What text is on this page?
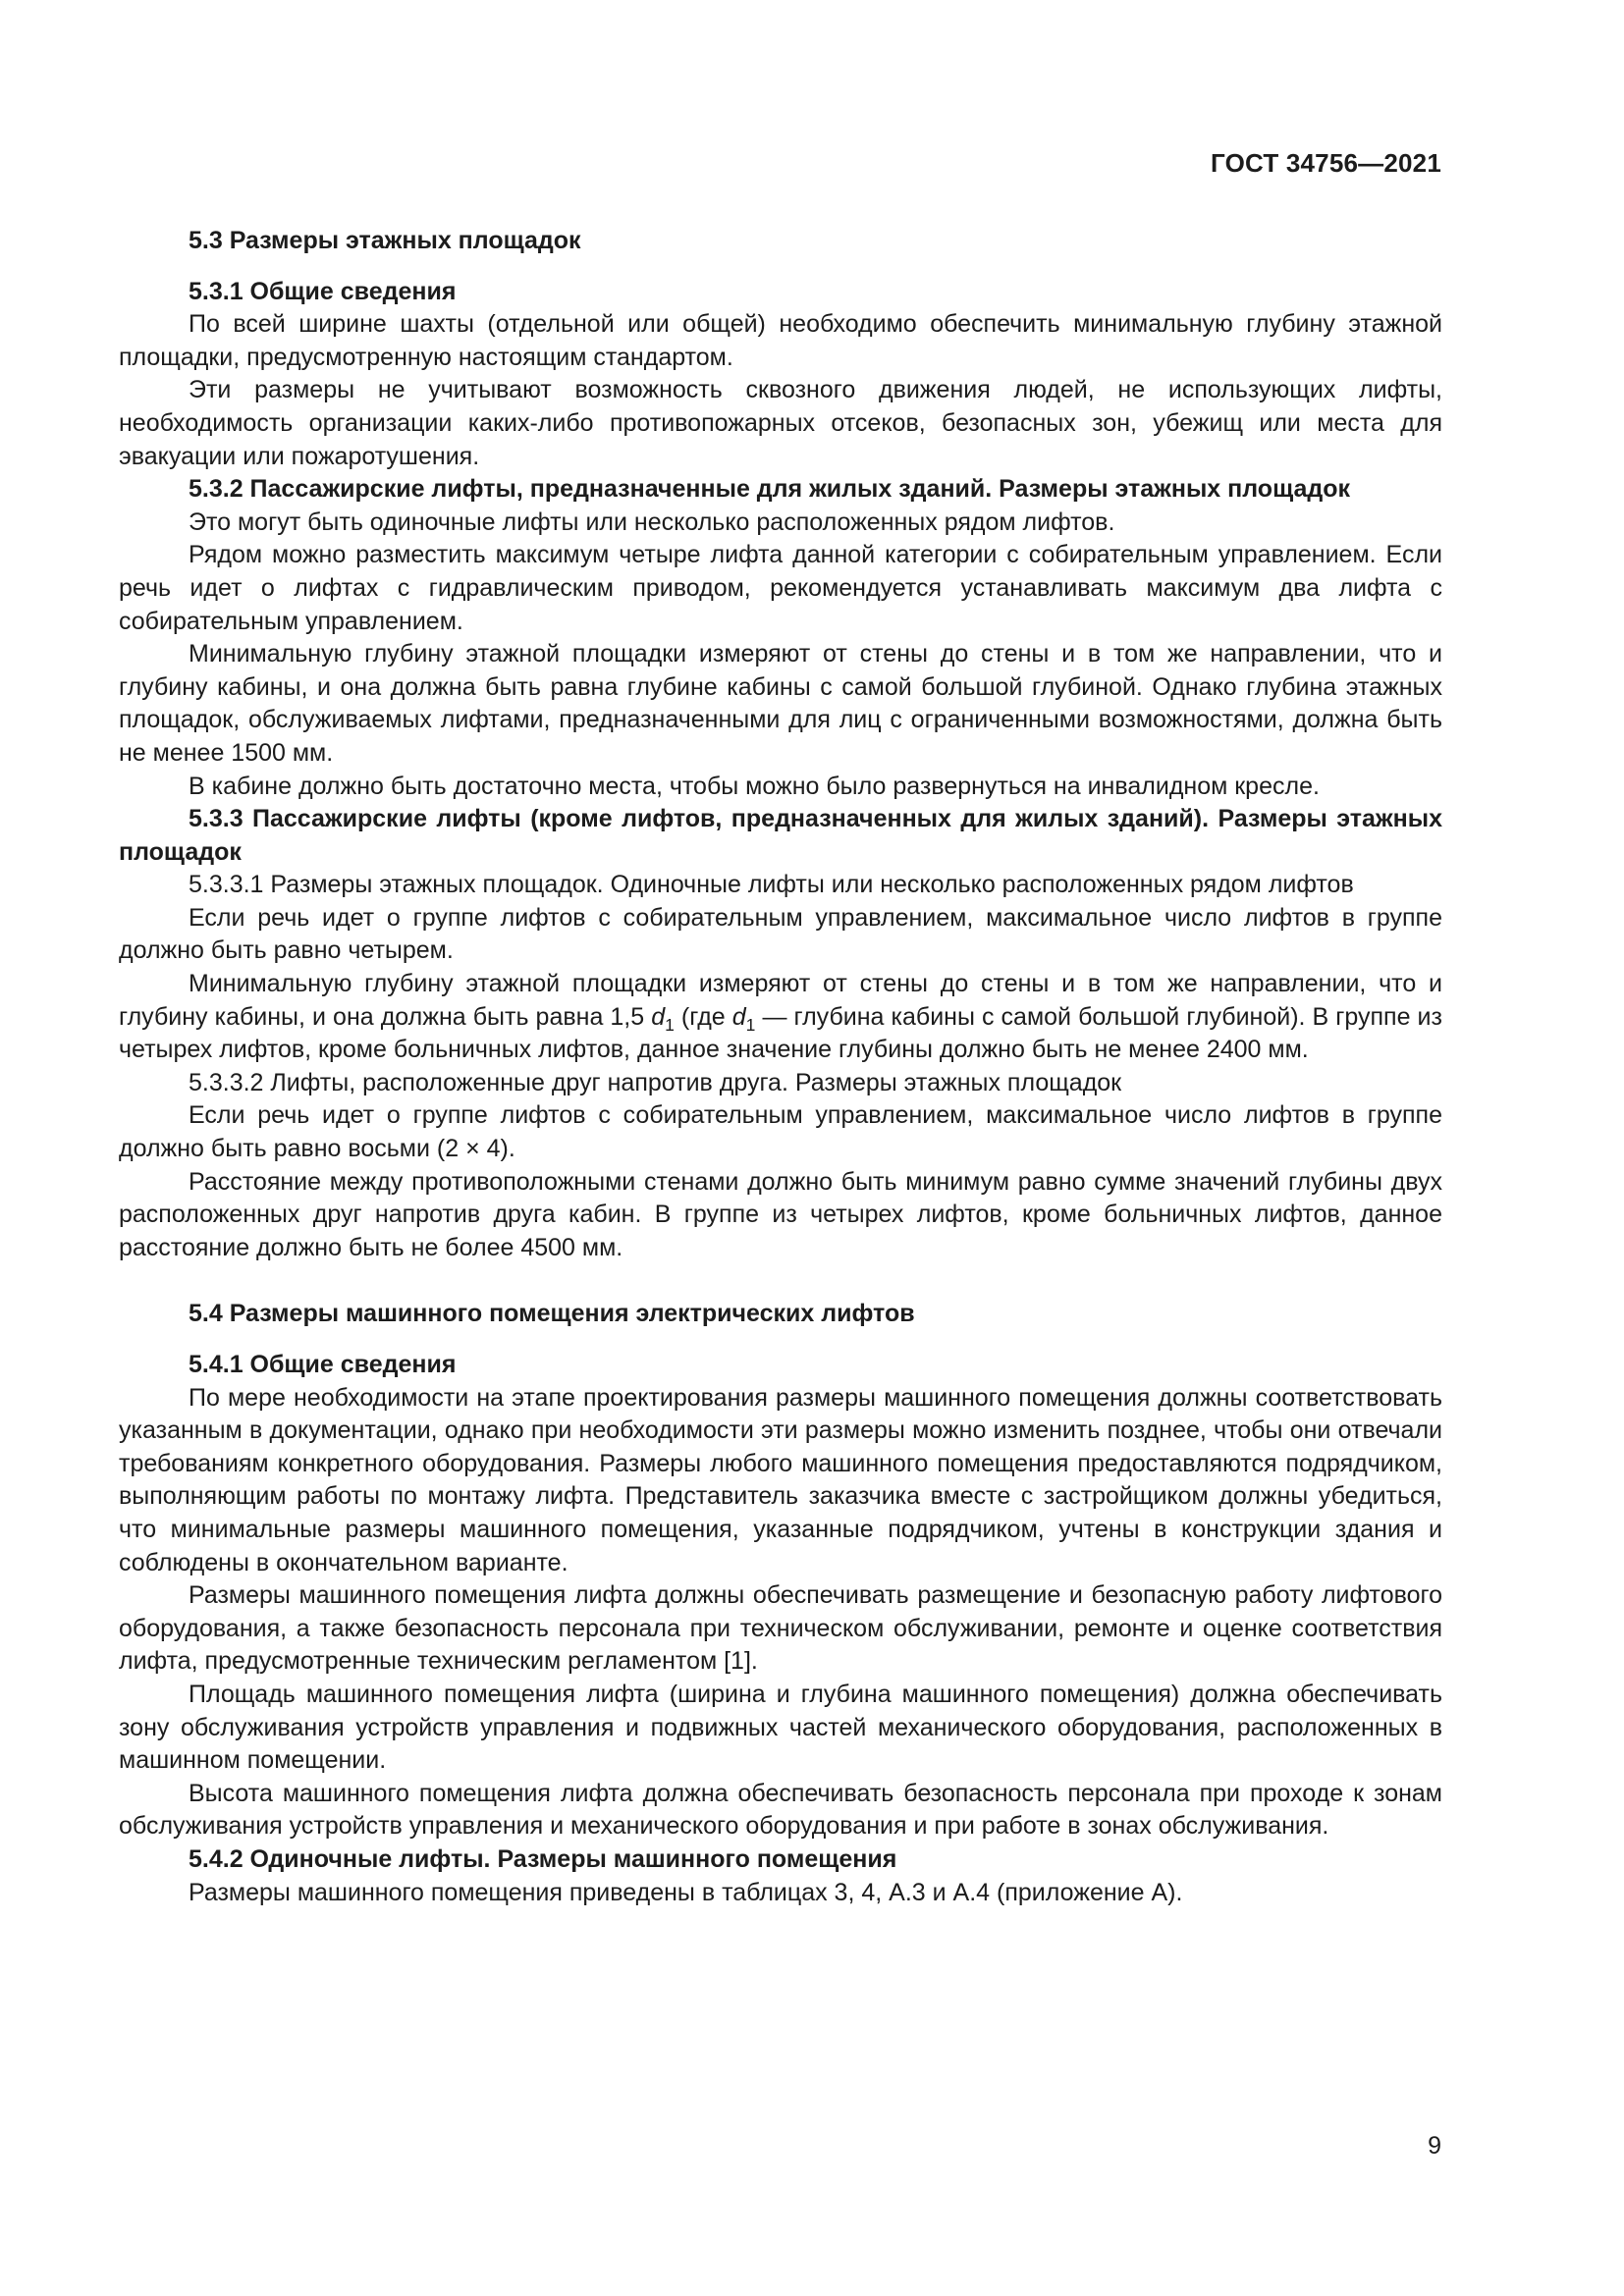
ГОСТ 34756—2021

5.3 Размеры этажных площадок

5.3.1 Общие сведения

По всей ширине шахты (отдельной или общей) необходимо обеспечить минимальную глубину этажной площадки, предусмотренную настоящим стандартом.

Эти размеры не учитывают возможность сквозного движения людей, не использующих лифты, необходимость организации каких-либо противопожарных отсеков, безопасных зон, убежищ или места для эвакуации или пожаротушения.

5.3.2 Пассажирские лифты, предназначенные для жилых зданий. Размеры этажных площадок

Это могут быть одиночные лифты или несколько расположенных рядом лифтов.

Рядом можно разместить максимум четыре лифта данной категории с собирательным управлением. Если речь идет о лифтах с гидравлическим приводом, рекомендуется устанавливать максимум два лифта с собирательным управлением.

Минимальную глубину этажной площадки измеряют от стены до стены и в том же направлении, что и глубину кабины, и она должна быть равна глубине кабины с самой большой глубиной. Однако глубина этажных площадок, обслуживаемых лифтами, предназначенными для лиц с ограниченными возможностями, должна быть не менее 1500 мм.

В кабине должно быть достаточно места, чтобы можно было развернуться на инвалидном кресле.

5.3.3 Пассажирские лифты (кроме лифтов, предназначенных для жилых зданий). Размеры этажных площадок

5.3.3.1 Размеры этажных площадок. Одиночные лифты или несколько расположенных рядом лифтов

Если речь идет о группе лифтов с собирательным управлением, максимальное число лифтов в группе должно быть равно четырем.

Минимальную глубину этажной площадки измеряют от стены до стены и в том же направлении, что и глубину кабины, и она должна быть равна 1,5 $d_1$ (где $d_1$ — глубина кабины с самой большой глубиной). В группе из четырех лифтов, кроме больничных лифтов, данное значение глубины должно быть не менее 2400 мм.

5.3.3.2 Лифты, расположенные друг напротив друга. Размеры этажных площадок

Если речь идет о группе лифтов с собирательным управлением, максимальное число лифтов в группе должно быть равно восьми (2 × 4).

Расстояние между противоположными стенами должно быть минимум равно сумме значений глубины двух расположенных друг напротив друга кабин. В группе из четырех лифтов, кроме больничных лифтов, данное расстояние должно быть не более 4500 мм.

5.4 Размеры машинного помещения электрических лифтов

5.4.1 Общие сведения

По мере необходимости на этапе проектирования размеры машинного помещения должны соответствовать указанным в документации, однако при необходимости эти размеры можно изменить позднее, чтобы они отвечали требованиям конкретного оборудования. Размеры любого машинного помещения предоставляются подрядчиком, выполняющим работы по монтажу лифта. Представитель заказчика вместе с застройщиком должны убедиться, что минимальные размеры машинного помещения, указанные подрядчиком, учтены в конструкции здания и соблюдены в окончательном варианте.

Размеры машинного помещения лифта должны обеспечивать размещение и безопасную работу лифтового оборудования, а также безопасность персонала при техническом обслуживании, ремонте и оценке соответствия лифта, предусмотренные техническим регламентом [1].

Площадь машинного помещения лифта (ширина и глубина машинного помещения) должна обеспечивать зону обслуживания устройств управления и подвижных частей механического оборудования, расположенных в машинном помещении.

Высота машинного помещения лифта должна обеспечивать безопасность персонала при проходе к зонам обслуживания устройств управления и механического оборудования и при работе в зонах обслуживания.

5.4.2 Одиночные лифты. Размеры машинного помещения

Размеры машинного помещения приведены в таблицах 3, 4, А.3 и А.4 (приложение А).

9
